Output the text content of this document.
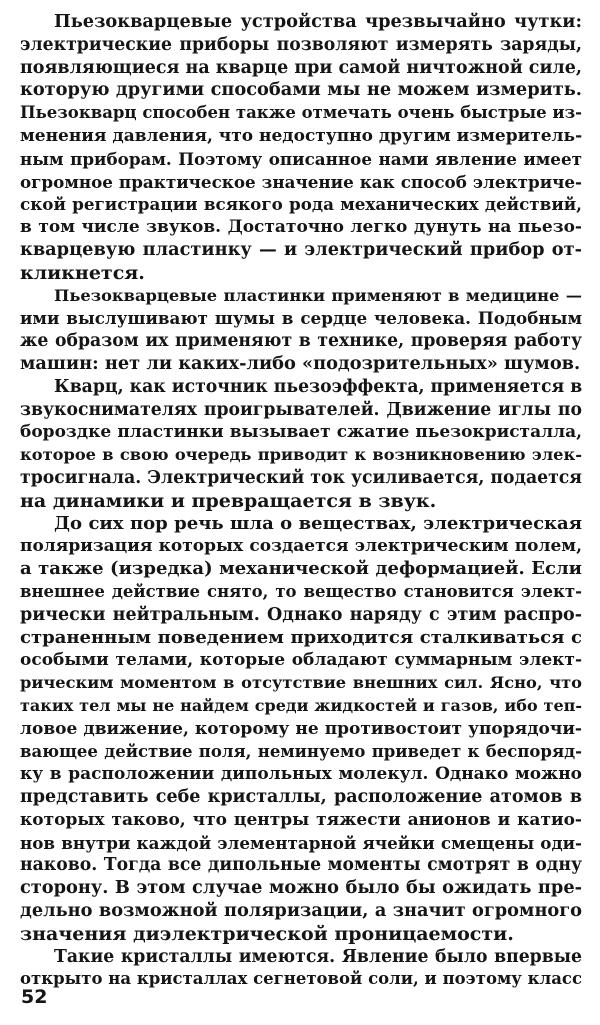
Пьезокварцевые устройства чрезвычайно чутки:
электрические приборы позволяют измерять заряды,
появляющиеся на кварце при самой ничтожной силе,
которую другими способами мы не можем измерить.
Пьезокварц способен также отмечать очень быстрые из-
менения давления, что недоступно другим измеритель-
ным приборам. Поэтому описанное нами явление имеет
огромное практическое значение как способ электриче-
ской регистрации всякого рода механических действий,
в том числе звуков. Достаточно легко дунуть на пьезо-
кварцевую пластинку — и электрический прибор от-
кликнется.

Пьезокварцевые пластинки применяют в медицине —
ими выслушивают шумы в сердце человека. Подобным
же образом их применяют в технике, проверяя работу
машин: нет ли каких-либо «подозрительных» шумов.

Кварц, как источник пьезоэффекта, применяется в
звукоснимателях проигрывателей. Движение иглы по
бороздке пластинки вызывает сжатие пьезокристалла,
которое в свою очередь приводит к возникновению элек-
тросигнала. Электрический ток усиливается, подается
на динамики и превращается в звук.

До сих пор речь шла о веществах, электрическая
поляризация которых создается электрическим полем,
а также (изредка) механической деформацией. Если
внешнее действие снято, то вещество становится элект-
рически нейтральным. Однако наряду с этим распро-
страненным поведением приходится сталкиваться с
особыми телами, которые обладают суммарным элект-
рическим моментом в отсутствие внешних сил. Ясно, что
таких тел мы не найдем среди жидкостей и газов, ибо теп-
ловое движение, которому не противостоит упорядочи-
вающее действие поля, неминуемо приведет к беспоряд-
ку в расположении дипольных молекул. Однако можно
представить себе кристаллы, расположение атомов в
которых таково, что центры тяжести анионов и катио-
нов внутри каждой элементарной ячейки смещены оди-
наково. Тогда все дипольные моменты смотрят в одну
сторону. В этом случае можно было бы ожидать пре-
дельно возможной поляризации, а значит огромного
значения диэлектрической проницаемости.

Такие кристаллы имеются. Явление было впервые
открыто на кристаллах сегнетовой соли, и поэтому класс

52
